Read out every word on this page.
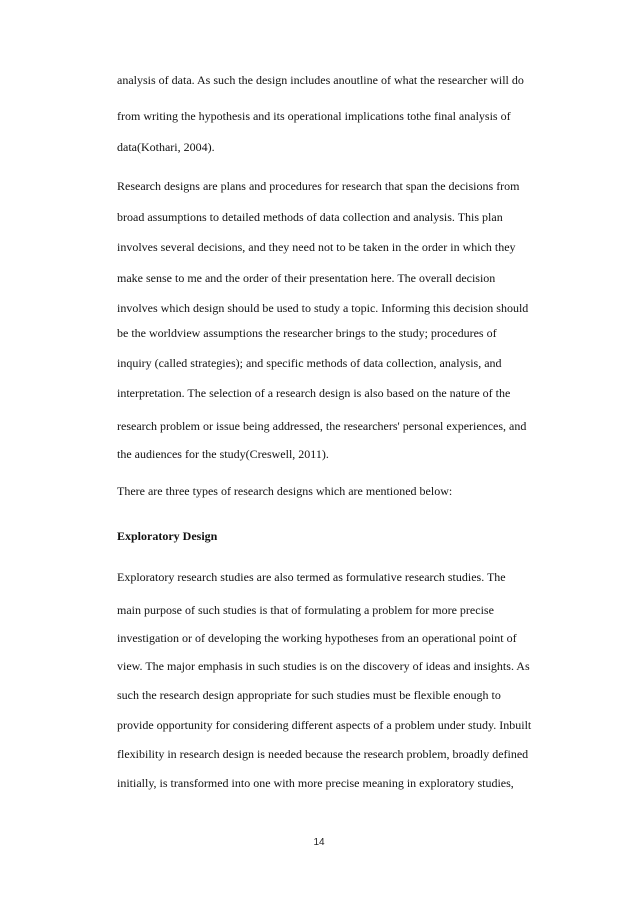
analysis of data. As such the design includes anoutline of what the researcher will do
from writing the hypothesis and its operational implications tothe final analysis of
data(Kothari, 2004).
Research designs are plans and procedures for research that span the decisions from
broad assumptions to detailed methods of data collection and analysis. This plan
involves several decisions, and they need not to be taken in the order in which they
make sense to me and the order of their presentation here. The overall decision
involves which design should be used to study a topic. Informing this decision should
be the worldview assumptions the researcher brings to the study; procedures of
inquiry (called strategies); and specific methods of data collection, analysis, and
interpretation. The selection of a research design is also based on the nature of the
research problem or issue being addressed, the researchers' personal experiences, and
the audiences for the study(Creswell, 2011).
There are three types of research designs which are mentioned below:
Exploratory Design
Exploratory research studies are also termed as formulative research studies. The
main purpose of such studies is that of formulating a problem for more precise
investigation or of developing the working hypotheses from an operational point of
view. The major emphasis in such studies is on the discovery of ideas and insights. As
such the research design appropriate for such studies must be flexible enough to
provide opportunity for considering different aspects of a problem under study. Inbuilt
flexibility in research design is needed because the research problem, broadly defined
initially, is transformed into one with more precise meaning in exploratory studies,
14
